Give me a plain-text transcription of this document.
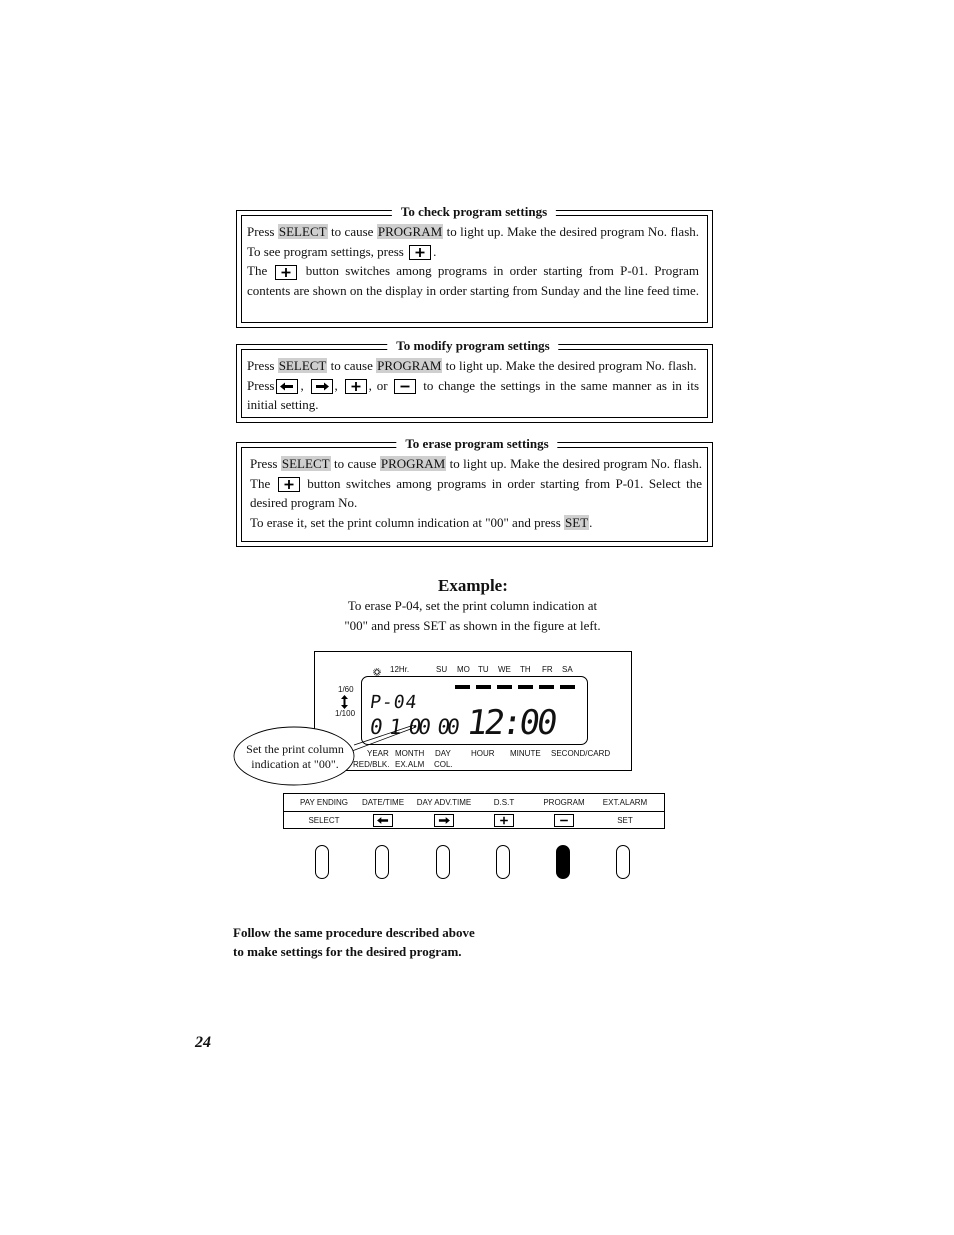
To check program settings

Press SELECT to cause PROGRAM to light up. Make the desired program No. flash. To see program settings, press .

The	button switches among programs in order starting from P-01. Program contents are shown on the display in order starting from Sunday and the line feed time.

To modify program settings

Press SELECT to cause PROGRAM to light up. Make the desired program No. flash.

Press , , , or	to change the settings in the same manner as in its initial setting.

To erase program settings

Press SELECT to cause PROGRAM to light up. Make the desired program No. flash. The	button switches among programs in order starting from P-01. Select the desired program No.

To erase it, set the print column indication at "00" and press SET.

Example:
To erase P-04, set the print column indication at
"00" and press SET as shown in the figure at left.
12Hr.	SU MO TU WE TH FR SA
1/60
1/100
P-04
0 1 00 00 12:00
YEAR MONTH DAY	HOUR MINUTE SECOND/CARD
RED/BLK. EX.ALM COL.
Set the print column
indication at "00".
PAY ENDING DATE/TIME DAY ADV.TIME	D.S.T	PROGRAM EXT.ALARM
SELECT	SET
Follow the same procedure described above
to make settings for the desired program.
24
